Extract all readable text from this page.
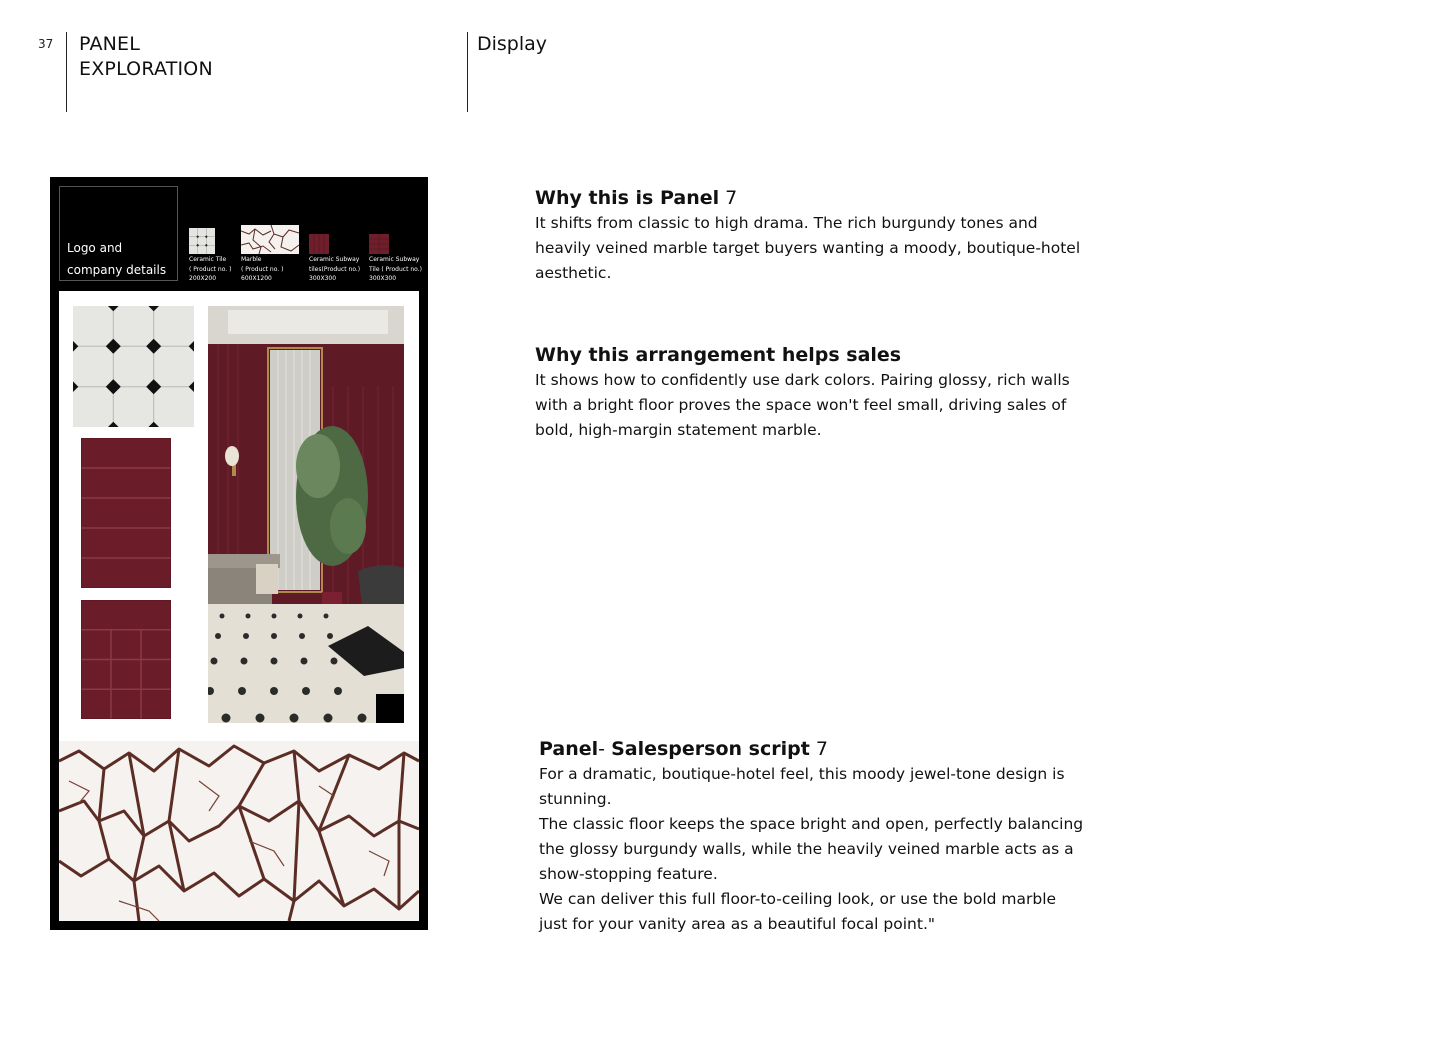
37 PANEL
EXPLORATION
Display
Logo and
company details
Ceramic Tile
( Product no. )
200X200
Marble
( Product no. )
600X1200
Ceramic Subway
tiles(Product no.)
300X300
Ceramic Subway
Tile ( Product no.)
300X300
Why this is Panel 7
It shifts from classic to high drama. The rich burgundy tones and heavily veined marble target buyers wanting a moody, boutique-hotel aesthetic.
Why this arrangement helps sales
It shows how to confidently use dark colors. Pairing glossy, rich walls with a bright floor proves the space won't feel small, driving sales of bold, high-margin statement marble.
Panel- Salesperson script 7
For a dramatic, boutique-hotel feel, this moody jewel-tone design is stunning.
The classic floor keeps the space bright and open, perfectly balancing the glossy burgundy walls, while the heavily veined marble acts as a show-stopping feature.
We can deliver this full floor-to-ceiling look, or use the bold marble just for your vanity area as a beautiful focal point."
